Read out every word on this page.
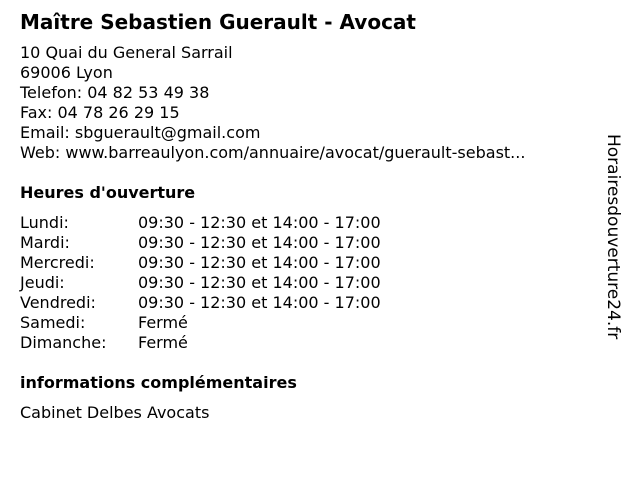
Maître Sebastien Guerault - Avocat
10 Quai du General Sarrail
69006 Lyon
Telefon: 04 82 53 49 38
Fax: 04 78 26 29 15
Email: sbguerault@gmail.com
Web: www.barreaulyon.com/annuaire/avocat/guerault-sebast...
Heures d'ouverture
Lundi:	09:30 - 12:30 et 14:00 - 17:00
Mardi:	09:30 - 12:30 et 14:00 - 17:00
Mercredi:	09:30 - 12:30 et 14:00 - 17:00
Jeudi:	09:30 - 12:30 et 14:00 - 17:00
Vendredi:	09:30 - 12:30 et 14:00 - 17:00
Samedi:	Fermé
Dimanche: Fermé
informations complémentaires
Cabinet Delbes Avocats
Horairesdouverture24.fr
